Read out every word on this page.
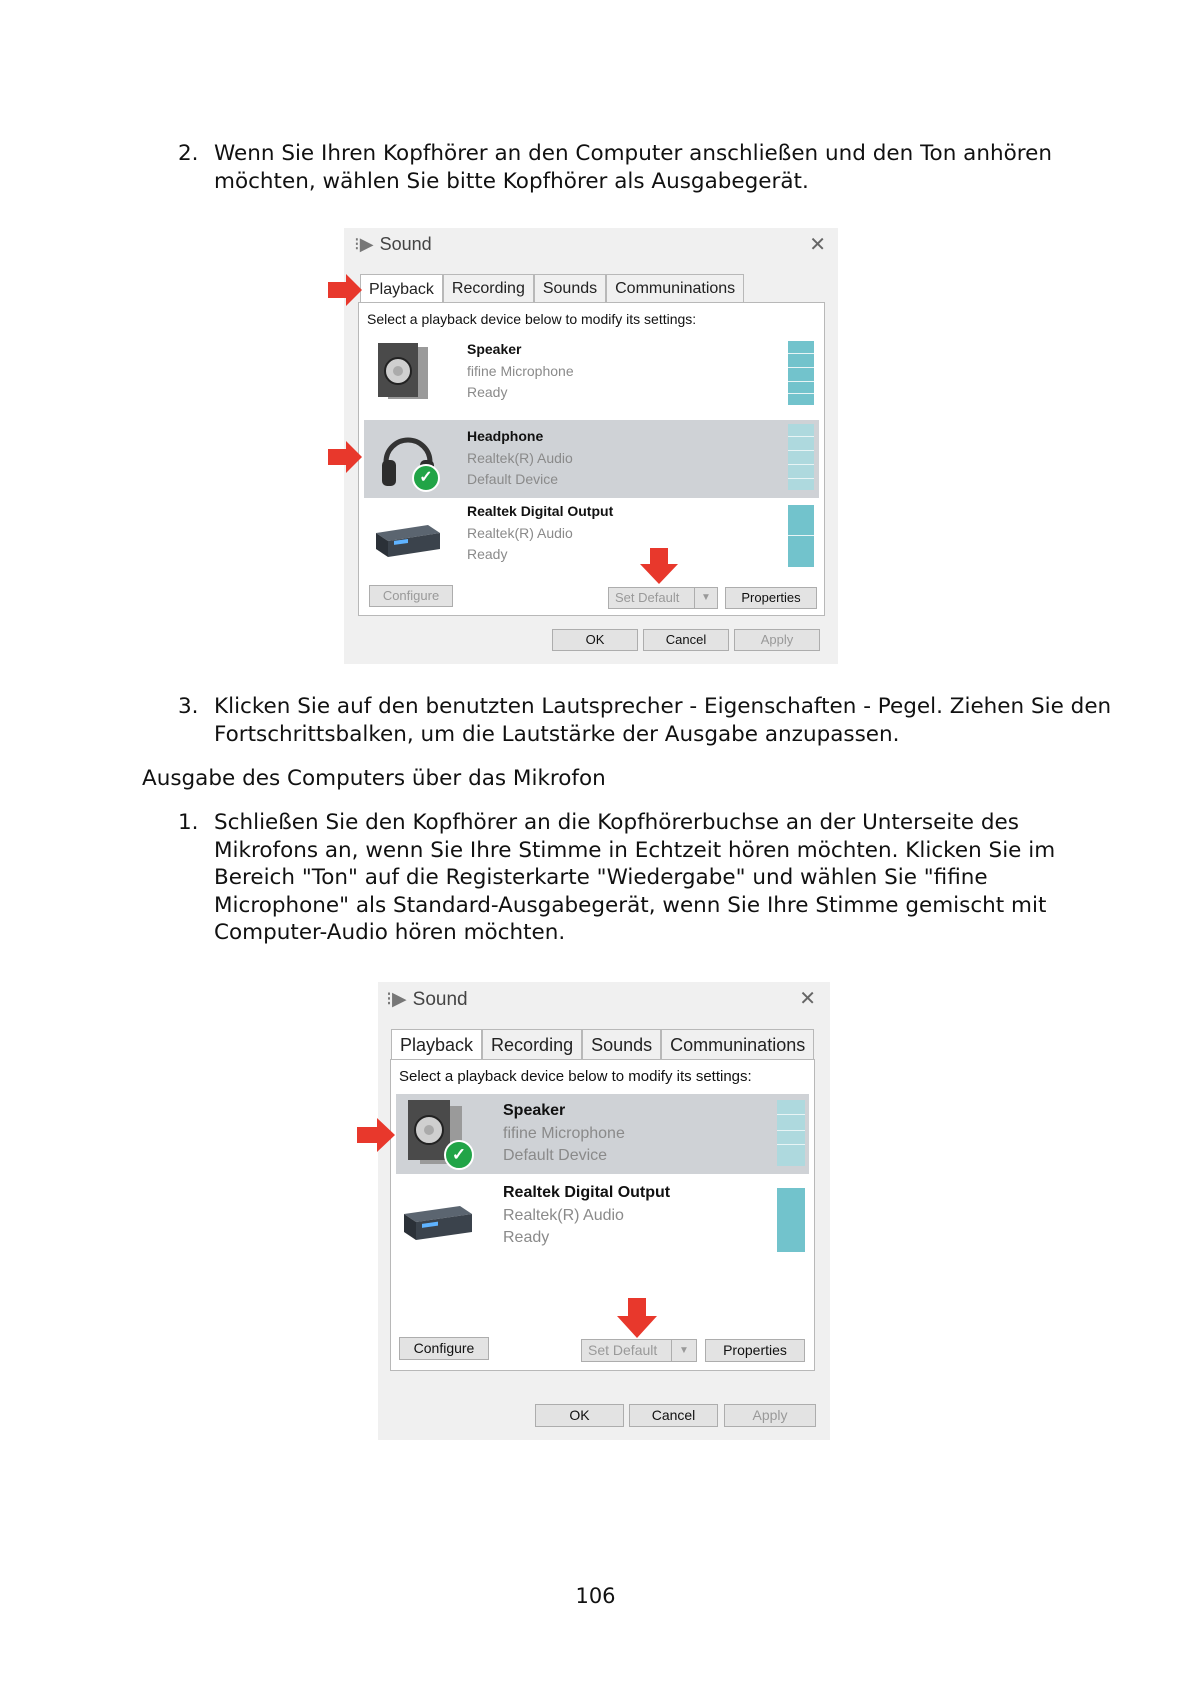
2. Wenn Sie Ihren Kopfhörer an den Computer anschließen und den Ton anhören
möchten, wählen Sie bitte Kopfhörer als Ausgabegerät.
⁝▶ Sound	✕
Playback	Recording	Sounds	Communinations
Select a playback device below to modify its settings:
Speaker
fifine Microphone
Ready
✓
Headphone
Realtek(R) Audio
Default Device
Realtek Digital Output
Realtek(R) Audio
Ready
Configure	Set Default	▼	Properties
OK	Cancel	Apply
3. Klicken Sie auf den benutzten Lautsprecher - Eigenschaften - Pegel. Ziehen Sie den
Fortschrittsbalken, um die Lautstärke der Ausgabe anzupassen.
Ausgabe des Computers über das Mikrofon
1. Schließen Sie den Kopfhörer an die Kopfhörerbuchse an der Unterseite des
Mikrofons an, wenn Sie Ihre Stimme in Echtzeit hören möchten. Klicken Sie im
Bereich "Ton" auf die Registerkarte "Wiedergabe" und wählen Sie "fifine
Microphone" als Standard-Ausgabegerät, wenn Sie Ihre Stimme gemischt mit
Computer-Audio hören möchten.
⁝▶ Sound	✕
Playback	Recording	Sounds	Communinations
Select a playback device below to modify its settings:
✓
Speaker
fifine Microphone
Default Device
Realtek Digital Output
Realtek(R) Audio
Ready
Configure	Set Default	▼	Properties
OK	Cancel	Apply
106
